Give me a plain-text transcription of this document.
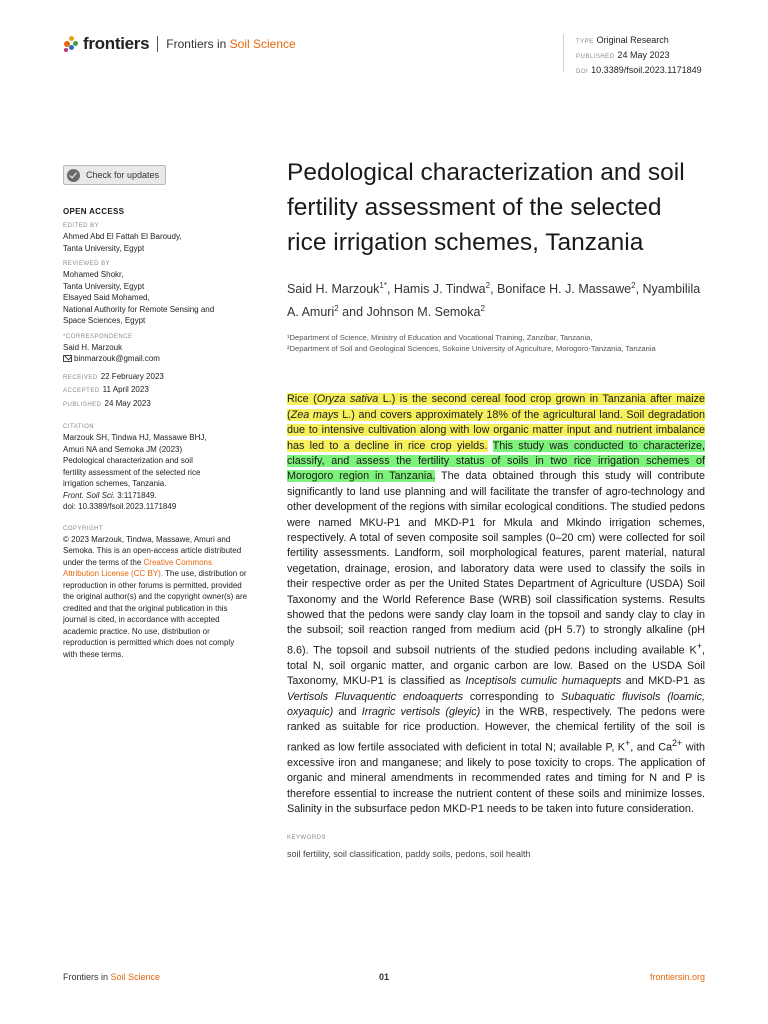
frontiers Frontiers in Soil Science	TYPE Original Research
PUBLISHED 24 May 2023
DOI 10.3389/fsoil.2023.1171849
Check for updates
OPEN ACCESS
EDITED BY
Ahmed Abd El Fattah El Baroudy,
Tanta University, Egypt
REVIEWED BY
Mohamed Shokr,
Tanta University, Egypt
Elsayed Said Mohamed,
National Authority for Remote Sensing and
Space Sciences, Egypt
*CORRESPONDENCE
Said H. Marzouk
binmarzouk@gmail.com
RECEIVED 22 February 2023
ACCEPTED 11 April 2023
PUBLISHED 24 May 2023
CITATION
Marzouk SH, Tindwa HJ, Massawe BHJ,
Amuri NA and Semoka JM (2023)
Pedological characterization and soil
fertility assessment of the selected rice
irrigation schemes, Tanzania.
Front. Soil Sci. 3:1171849.
doi: 10.3389/fsoil.2023.1171849
COPYRIGHT
© 2023 Marzouk, Tindwa, Massawe, Amuri and Semoka. This is an open-access article distributed under the terms of the Creative Commons Attribution License (CC BY). The use, distribution or reproduction in other forums is permitted, provided the original author(s) and the copyright owner(s) are credited and that the original publication in this journal is cited, in accordance with accepted academic practice. No use, distribution or reproduction is permitted which does not comply with these terms.
Pedological characterization and soil fertility assessment of the selected rice irrigation schemes, Tanzania
Said H. Marzouk$^{1*}$, Hamis J. Tindwa$^2$, Boniface H. J. Massawe$^2$, Nyambilila A. Amuri$^2$ and Johnson M. Semoka$^2$
¹Department of Science, Ministry of Education and Vocational Training, Zanzibar, Tanzania,
²Department of Soil and Geological Sciences, Sokoine University of Agriculture, Morogoro-Tanzania, Tanzania

Rice (Oryza sativa L.) is the second cereal food crop grown in Tanzania after maize (Zea mays L.) and covers approximately 18% of the agricultural land. Soil degradation due to intensive cultivation along with low organic matter input and nutrient imbalance has led to a decline in rice crop yields. This study was conducted to characterize, classify, and assess the fertility status of soils in two rice irrigation schemes of Morogoro region in Tanzania. The data obtained through this study will contribute significantly to land use planning and will facilitate the transfer of agro-technology and other development of the regions with similar ecological conditions. The studied pedons were named MKU-P1 and MKD-P1 for Mkula and Mkindo irrigation schemes, respectively. A total of seven composite soil samples (0–20 cm) were collected for soil fertility assessments. Landform, soil morphological features, parent material, natural vegetation, drainage, erosion, and laboratory data were used to classify the soils in their respective order as per the United States Department of Agriculture (USDA) Soil Taxonomy and the World Reference Base (WRB) soil classification systems. Results showed that the pedons were sandy clay loam in the topsoil and sandy clay to clay in the subsoil; soil reaction ranged from medium acid (pH 5.7) to strongly alkaline (pH 8.6). The topsoil and subsoil nutrients of the studied pedons including available K+, total N, soil organic matter, and organic carbon are low. Based on the USDA Soil Taxonomy, MKU-P1 is classified as Inceptisols cumulic humaquepts and MKD-P1 as Vertisols Fluvaquentic endoaquerts corresponding to Subaquatic fluvisols (loamic, oxyaquic) and Irragric vertisols (gleyic) in the WRB, respectively. The pedons were ranked as suitable for rice production. However, the chemical fertility of the soil is ranked as low fertile associated with deficient in total N; available P, K+, and $Ca^{2+}$ with excessive iron and manganese; and likely to pose toxicity to crops. The application of organic and mineral amendments in recommended rates and timing for N and P is therefore essential to increase the nutrient content of these soils and minimize losses. Salinity in the subsurface pedon MKD-P1 needs to be taken into future consideration.

KEYWORDS
soil fertility, soil classification, paddy soils, pedons, soil health
Frontiers in Soil Science	01	frontiersin.org
